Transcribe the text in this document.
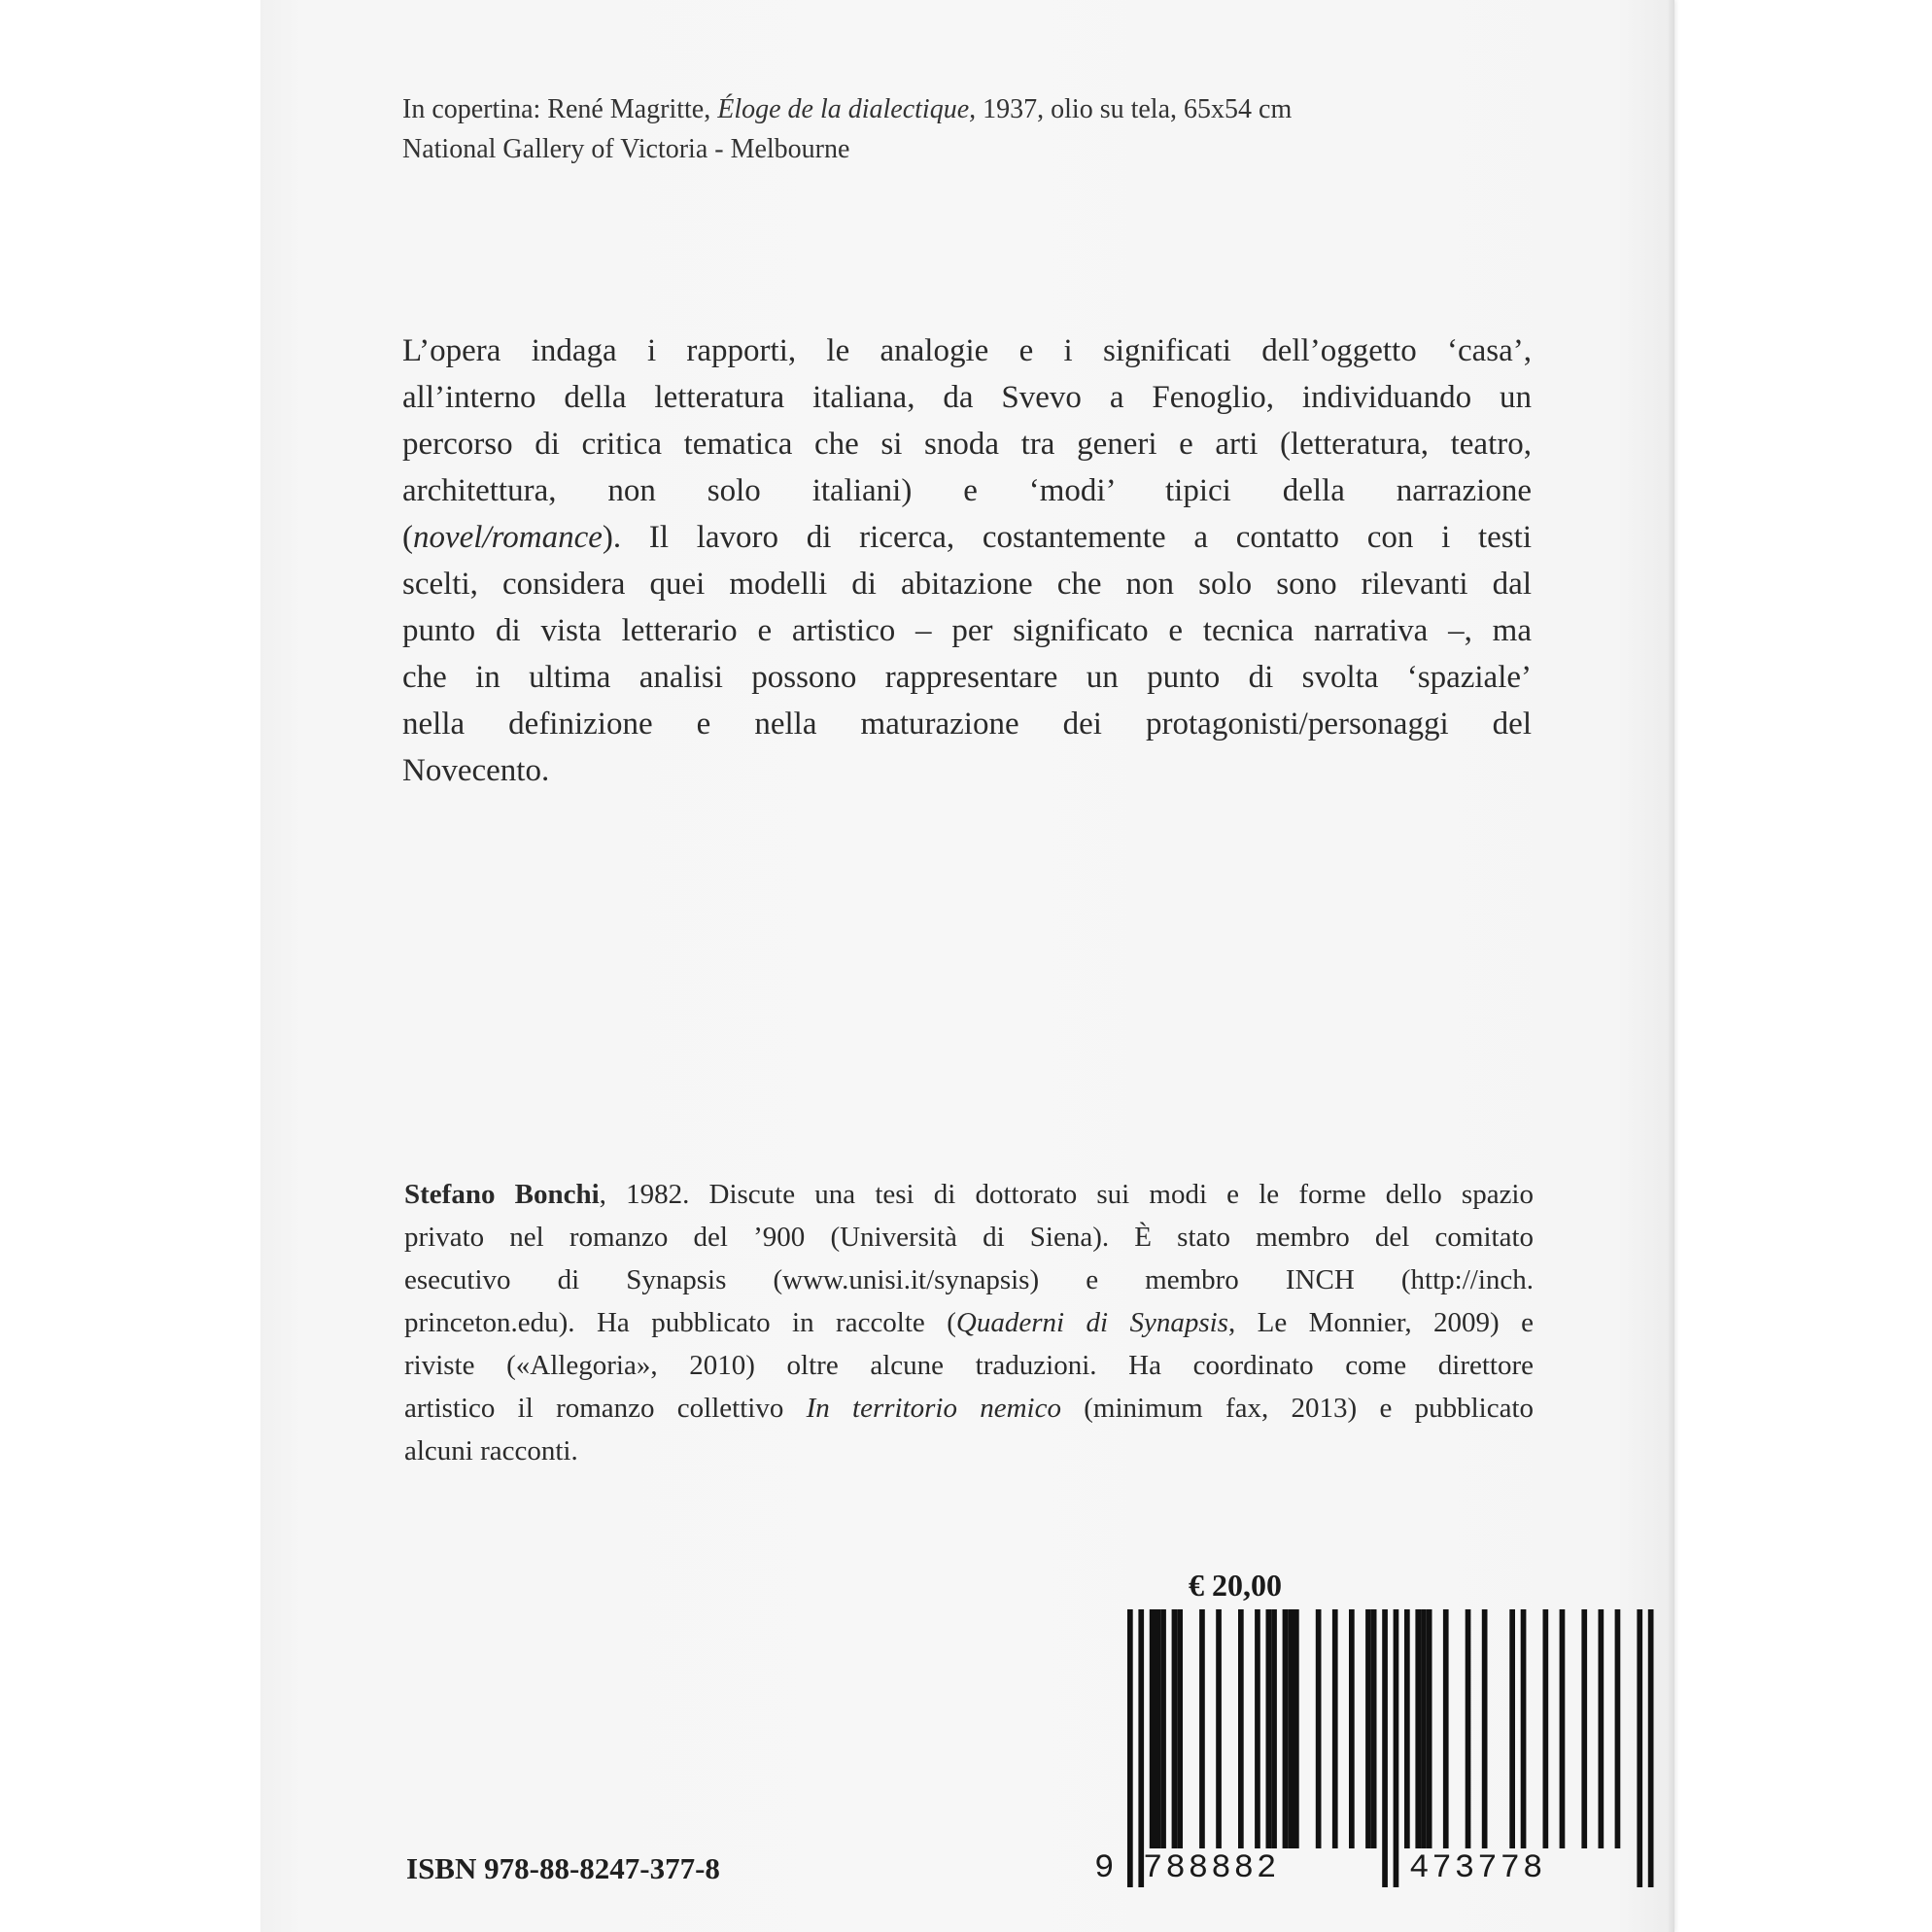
In copertina: René Magritte, Éloge de la dialectique, 1937, olio su tela, 65x54 cm
National Gallery of Victoria - Melbourne
L’opera indaga i rapporti, le analogie e i significati dell’oggetto ‘casa’,
all’interno della letteratura italiana, da Svevo a Fenoglio, individuando un
percorso di critica tematica che si snoda tra generi e arti (letteratura, teatro,
architettura, non solo italiani) e ‘modi’ tipici della narrazione
(novel/romance). Il lavoro di ricerca, costantemente a contatto con i testi
scelti, considera quei modelli di abitazione che non solo sono rilevanti dal
punto di vista letterario e artistico – per significato e tecnica narrativa –, ma
che in ultima analisi possono rappresentare un punto di svolta ‘spaziale’
nella definizione e nella maturazione dei protagonisti/personaggi del
Novecento.
Stefano Bonchi, 1982. Discute una tesi di dottorato sui modi e le forme dello spazio
privato nel romanzo del ’900 (Università di Siena). È stato membro del comitato
esecutivo di Synapsis (www.unisi.it/synapsis) e membro INCH (http://inch.
princeton.edu). Ha pubblicato in raccolte (Quaderni di Synapsis, Le Monnier, 2009) e
riviste («Allegoria», 2010) oltre alcune traduzioni. Ha coordinato come direttore
artistico il romanzo collettivo In territorio nemico (minimum fax, 2013) e pubblicato
alcuni racconti.
€ 20,00
9 788882	473778
ISBN 978-88-8247-377-8
